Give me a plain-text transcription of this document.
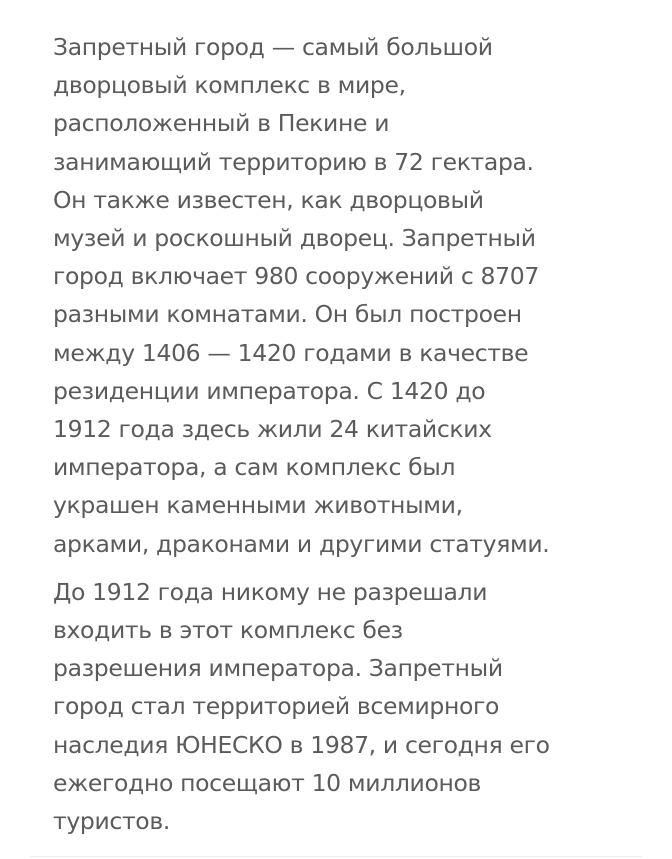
Запретный город — самый большой
дворцовый комплекс в мире,
расположенный в Пекине и
занимающий территорию в 72 гектара.
Он также известен, как дворцовый
музей и роскошный дворец. Запретный
город включает 980 сооружений с 8707
разными комнатами. Он был построен
между 1406 — 1420 годами в качестве
резиденции императора. С 1420 до
1912 года здесь жили 24 китайских
императора, а сам комплекс был
украшен каменными животными,
арками, драконами и другими статуями.

До 1912 года никому не разрешали
входить в этот комплекс без
разрешения императора. Запретный
город стал территорией всемирного
наследия ЮНЕСКО в 1987, и сегодня его
ежегодно посещают 10 миллионов
туристов.
